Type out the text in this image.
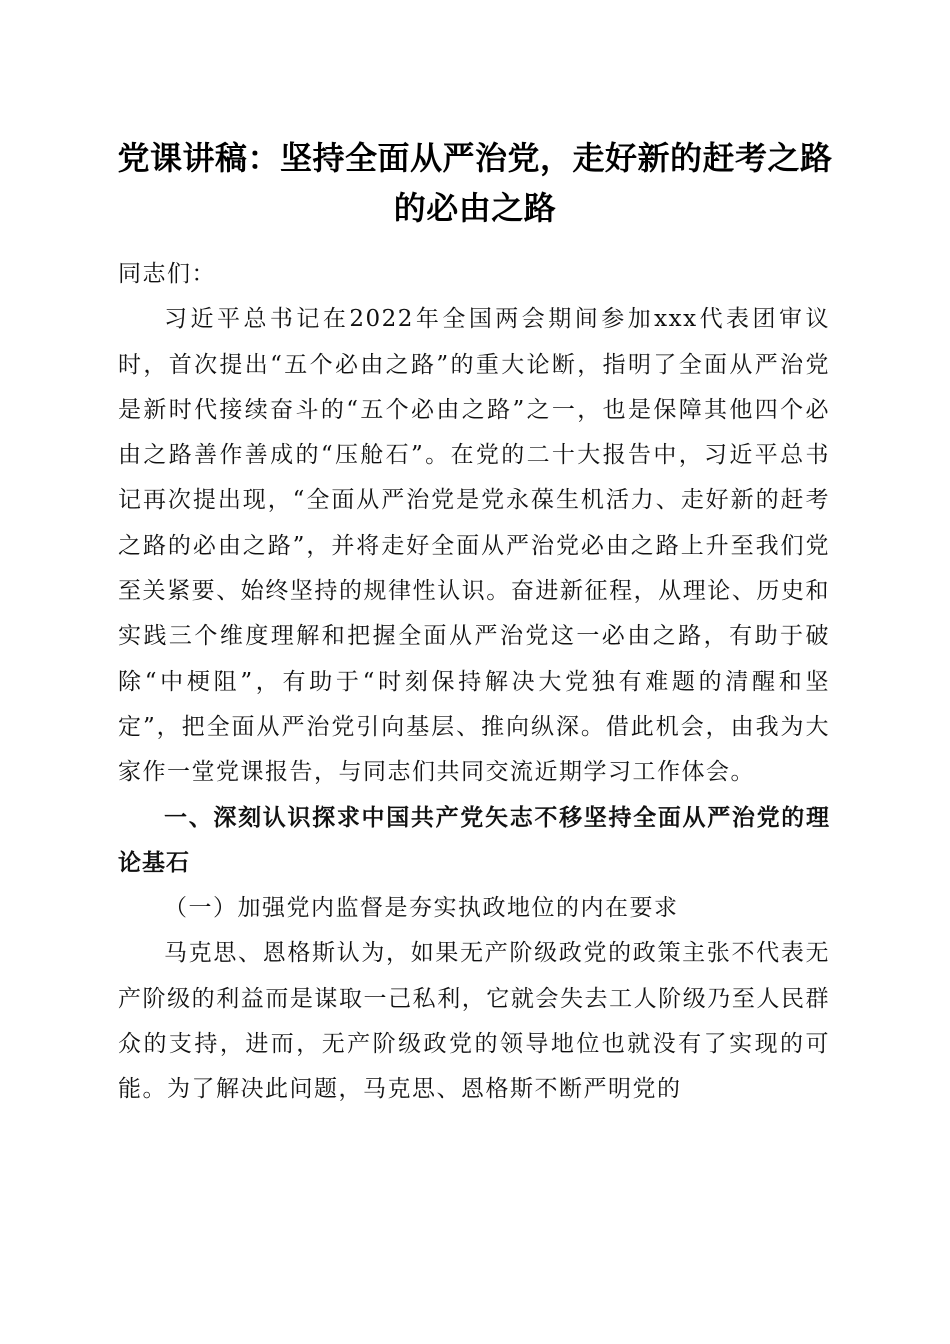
党课讲稿：坚持全面从严治党，走好新的赶考之路的必由之路

同志们：

习近平总书记在2022年全国两会期间参加xxx代表团审议时，首次提出“五个必由之路”的重大论断，指明了全面从严治党是新时代接续奋斗的“五个必由之路”之一，也是保障其他四个必由之路善作善成的“压舱石”。在党的二十大报告中，习近平总书记再次提出现，“全面从严治党是党永葆生机活力、走好新的赶考之路的必由之路”，并将走好全面从严治党必由之路上升至我们党至关紧要、始终坚持的规律性认识。奋进新征程，从理论、历史和实践三个维度理解和把握全面从严治党这一必由之路，有助于破除“中梗阻”，有助于“时刻保持解决大党独有难题的清醒和坚定”，把全面从严治党引向基层、推向纵深。借此机会，由我为大家作一堂党课报告，与同志们共同交流近期学习工作体会。

一、深刻认识探求中国共产党矢志不移坚持全面从严治党的理论基石

（一）加强党内监督是夯实执政地位的内在要求

马克思、恩格斯认为，如果无产阶级政党的政策主张不代表无产阶级的利益而是谋取一己私利，它就会失去工人阶级乃至人民群众的支持，进而，无产阶级政党的领导地位也就没有了实现的可能。为了解决此问题，马克思、恩格斯不断严明党的
